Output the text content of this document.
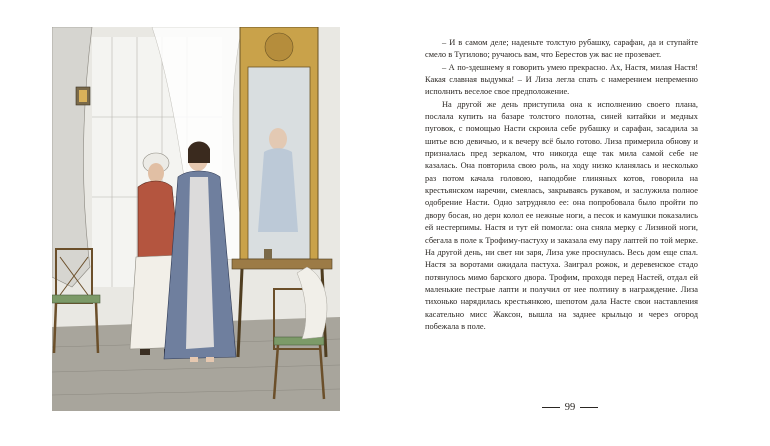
– И в самом деле; наденьте толстую рубашку, сарафан, да и ступайте смело в Тугилово; ручаюсь вам, что Берестов уж вас не прозевает.

– А по-здешнему я говорить умею прекрасно. Ах, Настя, милая Настя! Какая славная выдумка! – И Лиза легла спать с намерением непременно исполнить веселое свое предположение.

На другой же день приступила она к исполнению своего плана, послала купить на базаре толстого полотна, синей китайки и медных пуговок, с помощью Насти скроила себе рубашку и сарафан, засадила за шитье всю девичью, и к вечеру всё было готово. Лиза примерила обнову и призналась пред зеркалом, что никогда еще так мила самой себе не казалась. Она повторила свою роль, на ходу низко кланялась и несколько раз потом качала головою, наподобие глиняных котов, говорила на крестьянском наречии, смеялась, закрываясь рукавом, и заслужила полное одобрение Насти. Одно затрудняло ее: она попробовала было пройти по двору босая, но дерн колол ее нежные ноги, а песок и камушки показались ей нестерпимы. Настя и тут ей помогла: она сняла мерку с Лизиной ноги, сбегала в поле к Трофиму-пастуху и заказала ему пару лаптей по той мерке. На другой день, ни свет ни заря, Лиза уже проснулась. Весь дом еще спал. Настя за воротами ожидала пастуха. Заиграл рожок, и деревенское стадо потянулось мимо барского двора. Трофим, проходя перед Настей, отдал ей маленькие пестрые лапти и получил от нее полтину в награждение. Лиза тихонько нарядилась крестьянкою, шепотом дала Насте свои наставления касательно мисс Жаксон, вышла на заднее крыльцо и через огород побежала в поле.

99
